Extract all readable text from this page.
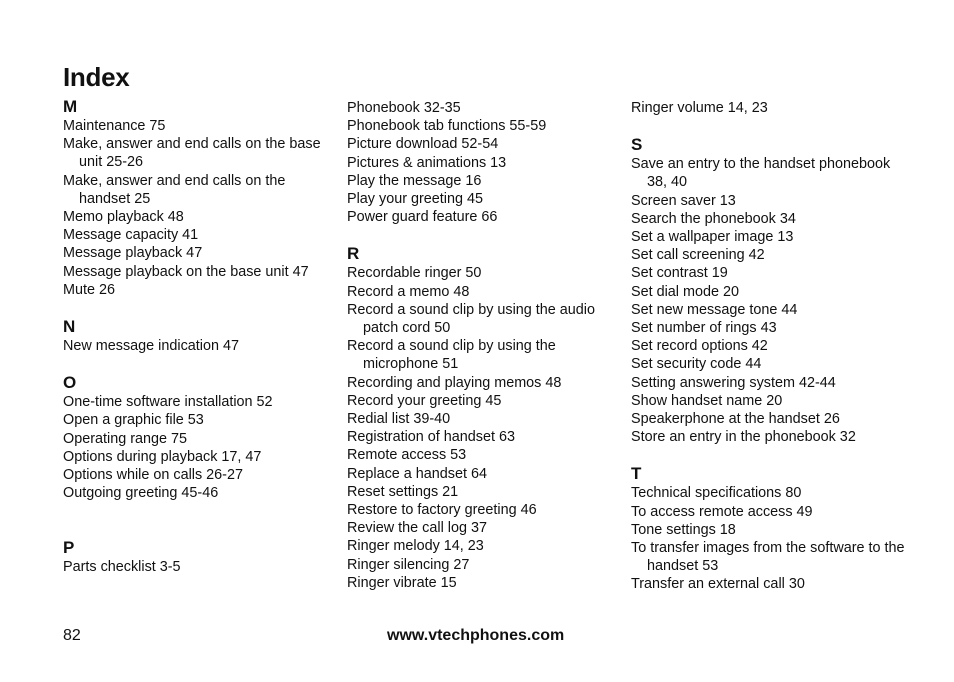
Index
M
Maintenance 75
Make, answer and end calls on the base unit 25-26
Make, answer and end calls on the handset 25
Memo playback 48
Message capacity 41
Message playback 47
Message playback on the base unit 47
Mute 26
N
New message indication 47
O
One-time software installation 52
Open a graphic file 53
Operating range 75
Options during playback 17, 47
Options while on calls 26-27
Outgoing greeting 45-46
P
Parts checklist 3-5
Phonebook 32-35
Phonebook tab functions 55-59
Picture download 52-54
Pictures & animations 13
Play the message 16
Play your greeting 45
Power guard feature 66
R
Recordable ringer 50
Record a memo 48
Record a sound clip by using the audio patch cord 50
Record a sound clip by using the microphone 51
Recording and playing memos 48
Record your greeting 45
Redial list 39-40
Registration of handset 63
Remote access 53
Replace a handset 64
Reset settings 21
Restore to factory greeting 46
Review the call log 37
Ringer melody 14, 23
Ringer silencing 27
Ringer vibrate 15
Ringer volume 14, 23
S
Save an entry to the handset phonebook 38, 40
Screen saver 13
Search the phonebook 34
Set a wallpaper image 13
Set call screening 42
Set contrast 19
Set dial mode 20
Set new message tone 44
Set number of rings 43
Set record options 42
Set security code 44
Setting answering system 42-44
Show handset name 20
Speakerphone at the handset 26
Store an entry in the phonebook 32
T
Technical specifications 80
To access remote access 49
Tone settings 18
To transfer images from the software to the handset 53
Transfer an external call 30
82	www.vtechphones.com
